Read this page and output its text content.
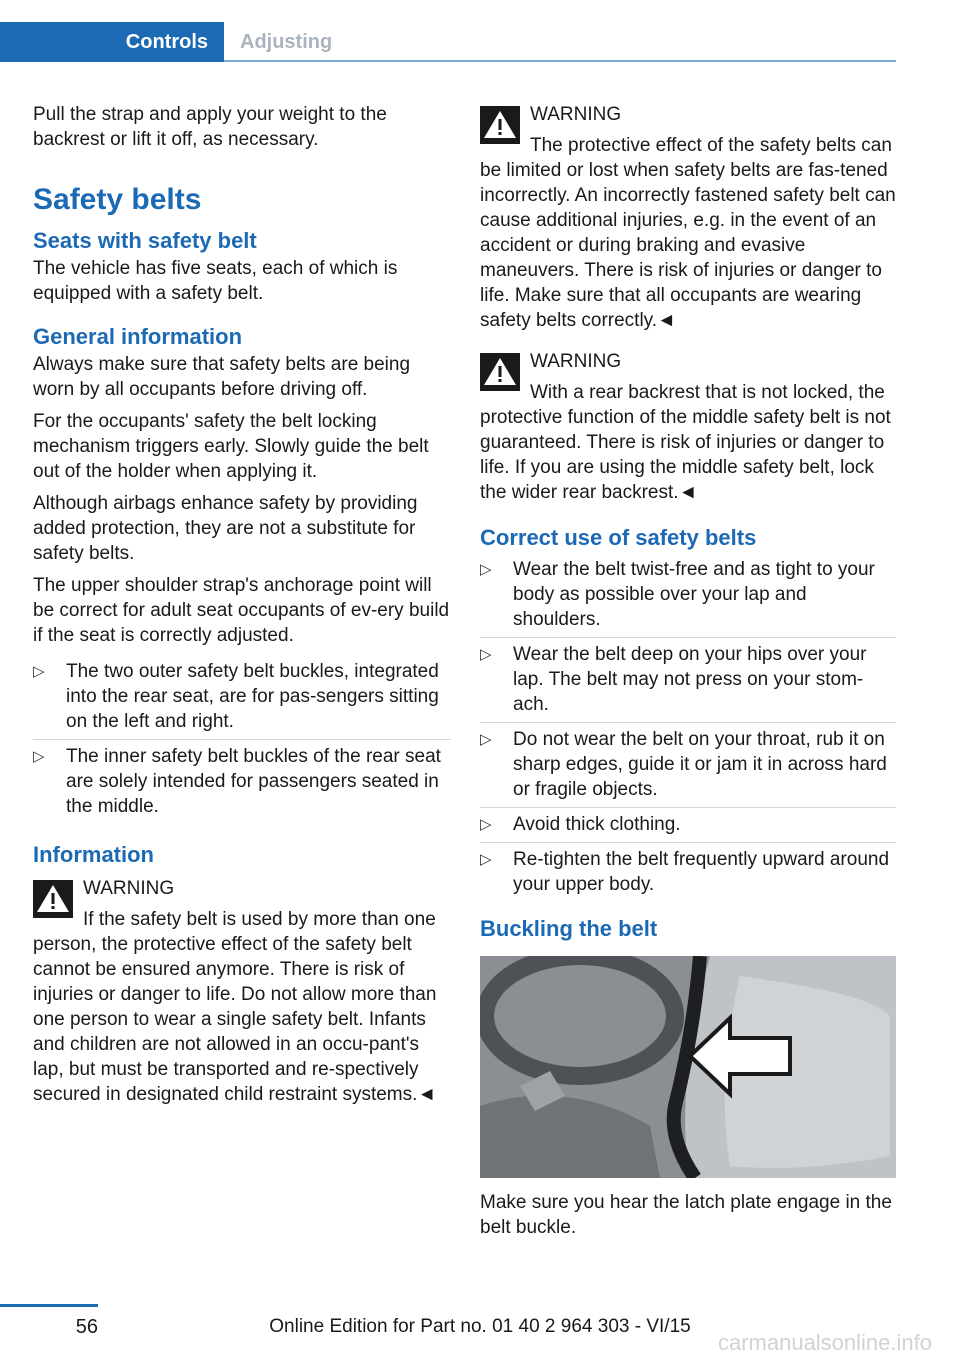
Controls	Adjusting

Pull the strap and apply your weight to the backrest or lift it off, as necessary.

Safety belts
Seats with safety belt

The vehicle has five seats, each of which is equipped with a safety belt.

General information

Always make sure that safety belts are being worn by all occupants before driving off.

For the occupants' safety the belt locking mechanism triggers early. Slowly guide the belt out of the holder when applying it.

Although airbags enhance safety by providing added protection, they are not a substitute for safety belts.

The upper shoulder strap's anchorage point will be correct for adult seat occupants of ev‐ery build if the seat is correctly adjusted.

▷ The two outer safety belt buckles, integrated into the rear seat, are for pas‐sengers sitting on the left and right.
▷ The inner safety belt buckles of the rear seat are solely intended for passengers seated in the middle.
Information
WARNING
If the safety belt is used by more than one person, the protective effect of the safety belt cannot be ensured anymore. There is risk of injuries or danger to life. Do not allow more than one person to wear a single safety belt. Infants and children are not allowed in an occu‐pant's lap, but must be transported and re‐spectively secured in designated child restraint systems.◄
WARNING
The protective effect of the safety belts can be limited or lost when safety belts are fas‐tened incorrectly. An incorrectly fastened safety belt can cause additional injuries, e.g. in the event of an accident or during braking and evasive maneuvers. There is risk of injuries or danger to life. Make sure that all occupants are wearing safety belts correctly.◄
WARNING
With a rear backrest that is not locked, the protective function of the middle safety belt is not guaranteed. There is risk of injuries or danger to life. If you are using the middle safety belt, lock the wider rear backrest.◄
Correct use of safety belts
▷ Wear the belt twist-free and as tight to your body as possible over your lap and shoulders.
▷ Wear the belt deep on your hips over your lap. The belt may not press on your stom‐ach.
▷ Do not wear the belt on your throat, rub it on sharp edges, guide it or jam it in across hard or fragile objects.
▷ Avoid thick clothing.
▷ Re-tighten the belt frequently upward around your upper body.
Buckling the belt

Make sure you hear the latch plate engage in the belt buckle.

56	Online Edition for Part no. 01 40 2 964 303 - VI/15
carmanualsonline.info
